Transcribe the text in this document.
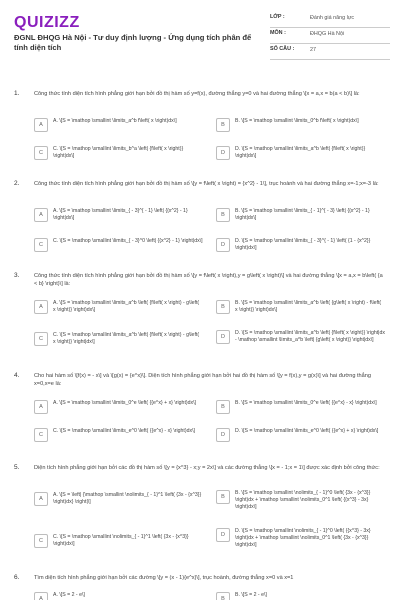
QUIZIZZ
ĐGNL ĐHQG Hà Nội - Tư duy định lượng - Ứng dụng tích phân để tính diện tích
LỚP :	Đánh giá năng lực
MÔN :	ĐHQG Hà Nội
SỐ CÂU :	27
1.	Công thức tính diện tích hình phẳng giới hạn bởi đồ thị hàm số y=f(x), đường thẳng y=0 và hai đường thẳng \[x = a,x = b(a < b)\] là:
A
A. \[S = \mathop \smallint \limits_a^b f\left( x \right)dx\]
B
B. \[S = \mathop \smallint \limits_0^b f\left( x \right)dx\]
C
C. \[S = \mathop \smallint \limits_b^a \left| {f\left( x \right)} \right|dx\]
D
D. \[S = \mathop \smallint \limits_a^b \left| {f\left( x \right)} \right|dx\]
2.	Công thức tính diện tích hình phẳng giới hạn bởi đồ thị hàm số \[y = f\left( x \right) = {x^2} - 1\], trục hoành và hai đường thẳng x=-1;x=-3 là:
A
A. \[S = \mathop \smallint \limits_{ - 3}^{ - 1} \left| {{x^2} - 1} \right|dx\]
B
B. \[S = \mathop \smallint \limits_{ - 1}^{ - 3} \left| {{x^2} - 1} \right|dx\]
C
C. \[S = \mathop \smallint \limits_{ - 3}^0 \left| {{x^2} - 1} \right|dx\]
D
D. \[S = \mathop \smallint \limits_{ - 3}^{ - 1} \left( {1 - {x^2}} \right)dx\]
3.	Công thức tính diện tích hình phẳng giới hạn bởi đồ thị hàm số \[y = f\left( x \right),y = g\left( x \right)\] và hai đường thẳng \[x = a,x = b\left( {a < b} \right)\] là:
A
A. \[S = \mathop \smallint \limits_a^b \left( {f\left( x \right) - g\left( x \right)} \right)dx\]
B
B. \[S = \mathop \smallint \limits_a^b \left( {g\left( x \right) - f\left( x \right)} \right)dx\]
C
C. \[S = \mathop \smallint \limits_a^b \left| {f\left( x \right) - g\left( x \right)} \right|dx\]
D
D. \[S = \mathop \smallint \limits_a^b \left| {f\left( x \right)} \right|dx - \mathop \smallint \limits_a^b \left| {g\left( x \right)} \right|dx\]
4.	Cho hai hàm số \[f(x) = - x\] và \[g(x) = {e^x}\]. Diện tích hình phẳng giới hạn bởi hai đồ thị hàm số \[y = f(x),y = g(x)\] và hai đường thẳng x=0,x=e là:
A
A. \[S = \mathop \smallint \limits_0^e \left( {{e^x} + x} \right)dx\]
B
B. \[S = \mathop \smallint \limits_0^e \left( {{e^x} - x} \right)dx\]
C
C. \[S = \mathop \smallint \limits_e^0 \left( {{e^x} - x} \right)dx\]
D
D. \[S = \mathop \smallint \limits_e^0 \left( {{e^x} + x} \right)dx\]
5.	Diện tích hình phẳng giới hạn bởi các đồ thị hàm số \[y = {x^3} - x;y = 2x\] và các đường thẳng \[x = - 1;x = 1\] được xác định bởi công thức:
A
A. \[S = \left| {\mathop \smallint \nolimits_{ - 1}^1 \left( {3x - {x^3}} \right)dx} \right|\]
B
B. \[S = \mathop \smallint \nolimits_{ - 1}^0 \left( {3x - {x^3}} \right)dx + \mathop \smallint \nolimits_0^1 \left( {{x^3} - 3x} \right)dx\]
C
C. \[S = \mathop \smallint \nolimits_{ - 1}^1 \left( {3x - {x^3}} \right)dx\]
D
D. \[S = \mathop \smallint \nolimits_{ - 1}^0 \left( {{x^3} - 3x} \right)dx + \mathop \smallint \nolimits_0^1 \left( {3x - {x^3}} \right)dx\]
6.	Tìm diện tích hình phẳng giới hạn bởi các đường \[y = (x - 1){e^x}\], trục hoành, đường thẳng x=0 và x=1
A
A. \[S = 2 - e\]
B
B. \[S = 2 - e\]
